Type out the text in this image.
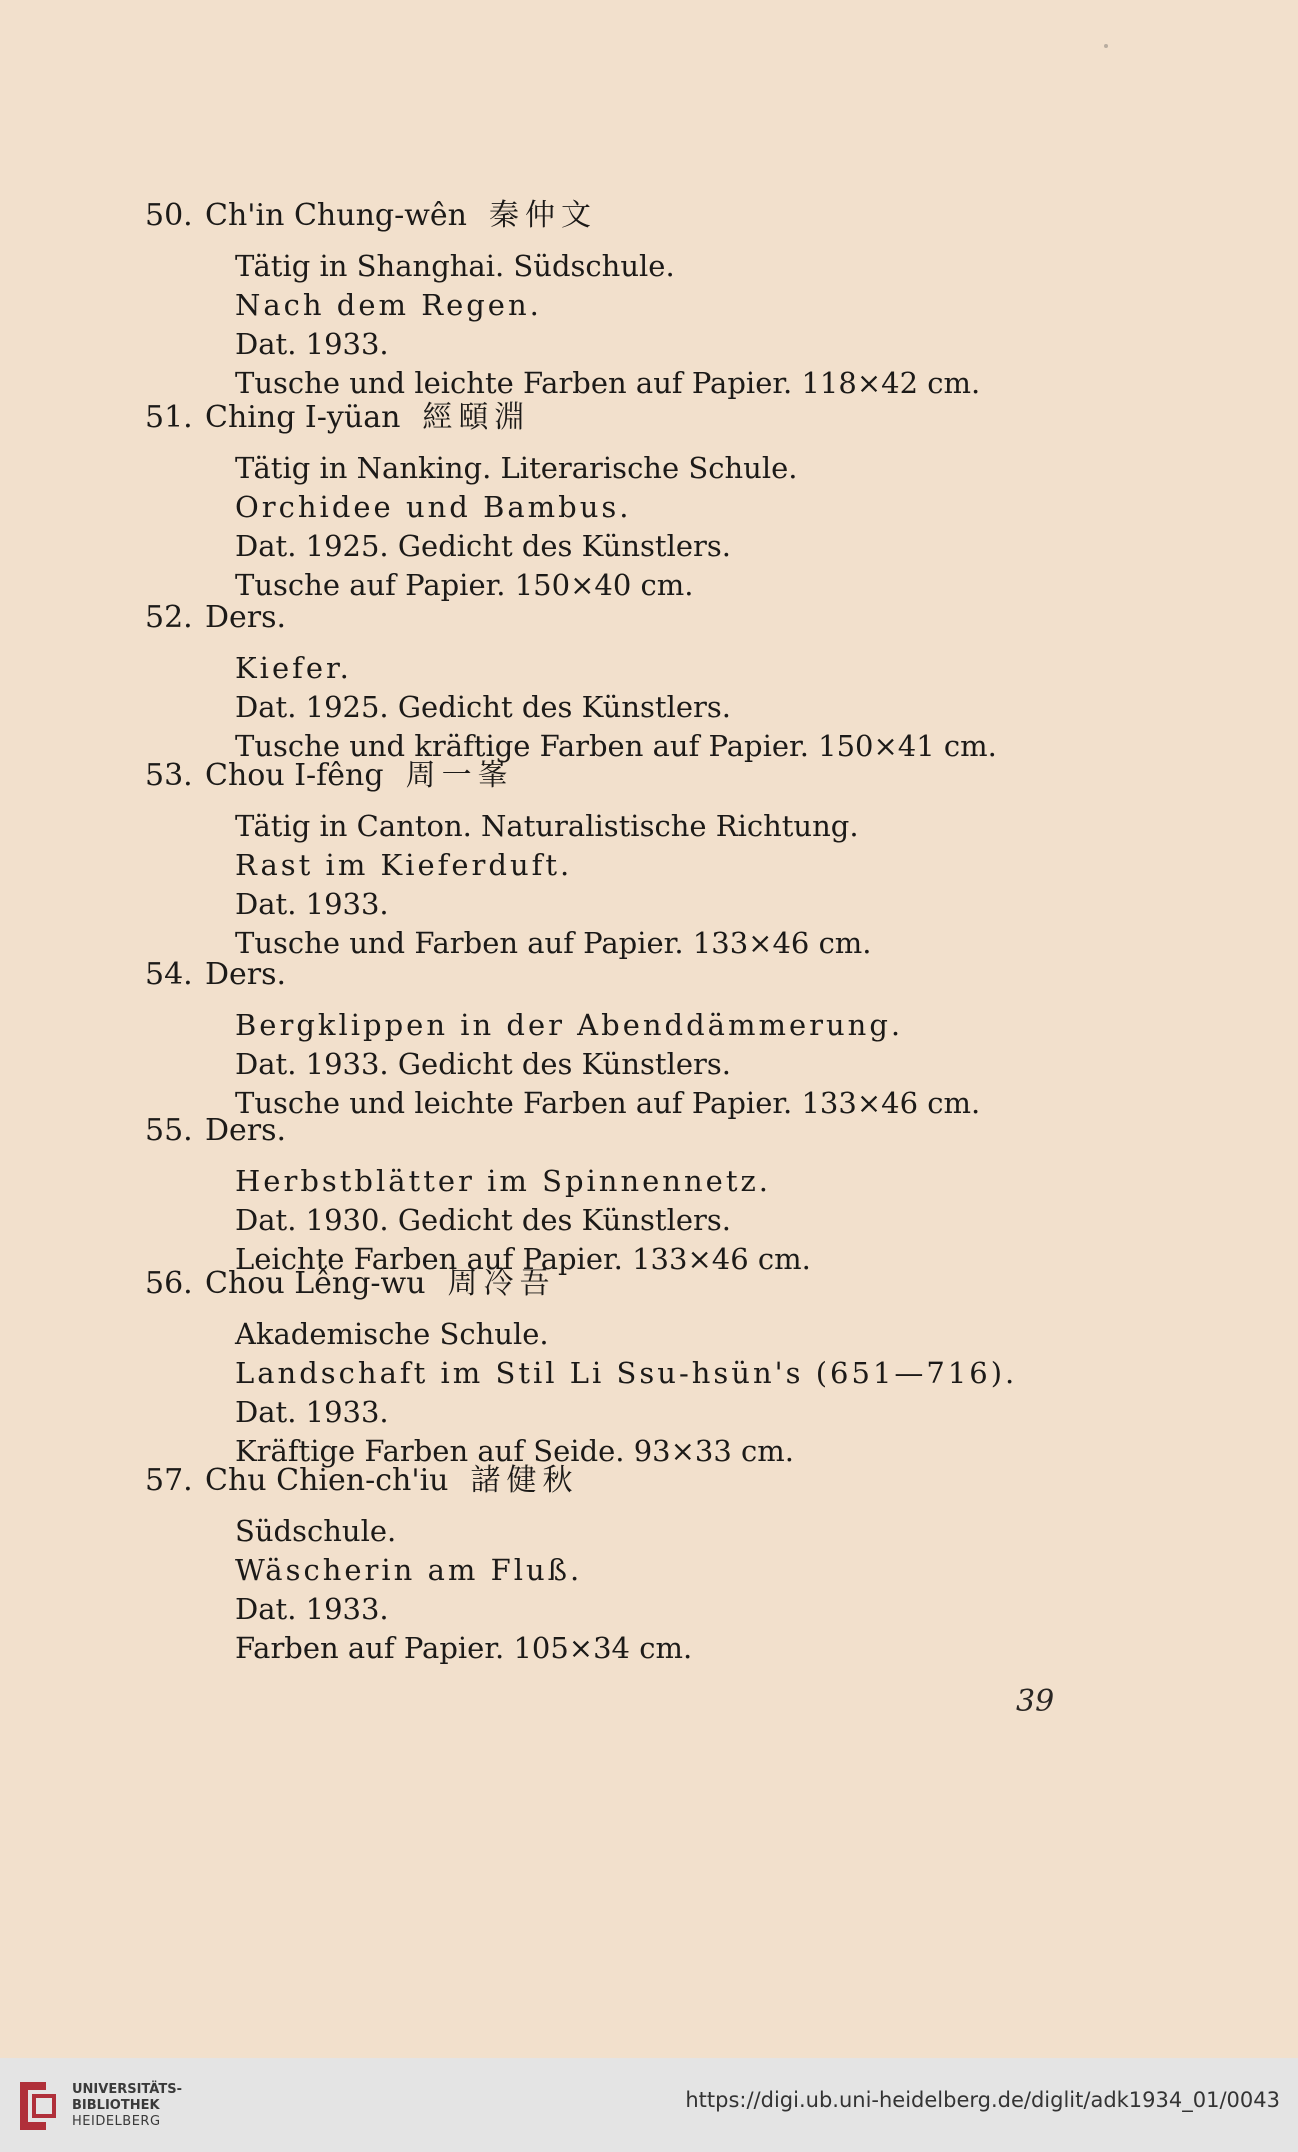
50. Ch'in Chung-wên 秦仲文
Tätig in Shanghai. Südschule.
Nach dem Regen.
Dat. 1933.
Tusche und leichte Farben auf Papier. 118×42 cm.
51. Ching I-yüan 經頤淵
Tätig in Nanking. Literarische Schule.
Orchidee und Bambus.
Dat. 1925. Gedicht des Künstlers.
Tusche auf Papier. 150×40 cm.
52. Ders.
Kiefer.
Dat. 1925. Gedicht des Künstlers.
Tusche und kräftige Farben auf Papier. 150×41 cm.
53. Chou I-fêng 周一峯
Tätig in Canton. Naturalistische Richtung.
Rast im Kieferduft.
Dat. 1933.
Tusche und Farben auf Papier. 133×46 cm.
54. Ders.
Bergklippen in der Abenddämmerung.
Dat. 1933. Gedicht des Künstlers.
Tusche und leichte Farben auf Papier. 133×46 cm.
55. Ders.
Herbstblätter im Spinnennetz.
Dat. 1930. Gedicht des Künstlers.
Leichte Farben auf Papier. 133×46 cm.
56. Chou Lêng-wu 周冷吾
Akademische Schule.
Landschaft im Stil Li Ssu-hsün's (651—716).
Dat. 1933.
Kräftige Farben auf Seide. 93×33 cm.
57. Chu Chien-ch'iu 諸健秋
Südschule.
Wäscherin am Fluß.
Dat. 1933.
Farben auf Papier. 105×34 cm.
39
UNIVERSITÄTS-
BIBLIOTHEK
HEIDELBERG
https://digi.ub.uni-heidelberg.de/diglit/adk1934_01/0043
